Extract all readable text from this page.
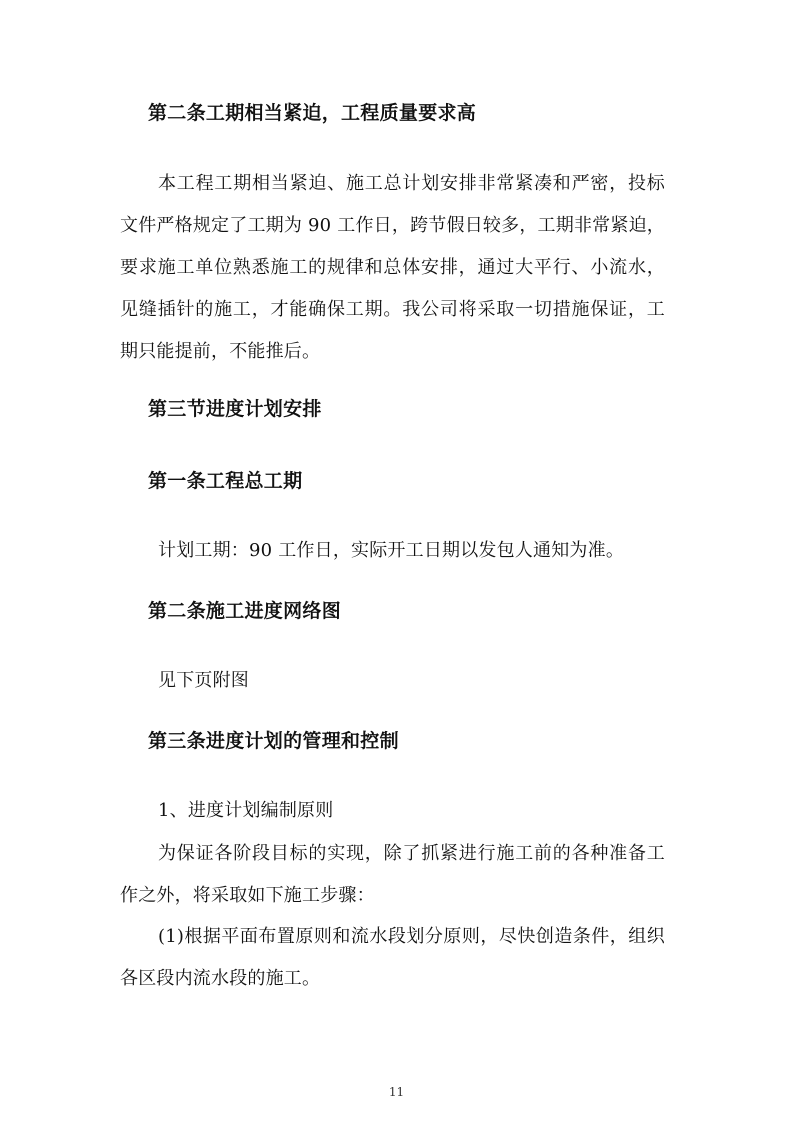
第二条工期相当紧迫，工程质量要求高
本工程工期相当紧迫、施工总计划安排非常紧凑和严密，投标文件严格规定了工期为 90 工作日，跨节假日较多，工期非常紧迫，要求施工单位熟悉施工的规律和总体安排，通过大平行、小流水，见缝插针的施工，才能确保工期。我公司将采取一切措施保证，工期只能提前，不能推后。
第三节进度计划安排
第一条工程总工期
计划工期：90 工作日，实际开工日期以发包人通知为准。
第二条施工进度网络图
见下页附图
第三条进度计划的管理和控制
1、进度计划编制原则
为保证各阶段目标的实现，除了抓紧进行施工前的各种准备工作之外，将采取如下施工步骤：
(1)根据平面布置原则和流水段划分原则，尽快创造条件，组织各区段内流水段的施工。
11
